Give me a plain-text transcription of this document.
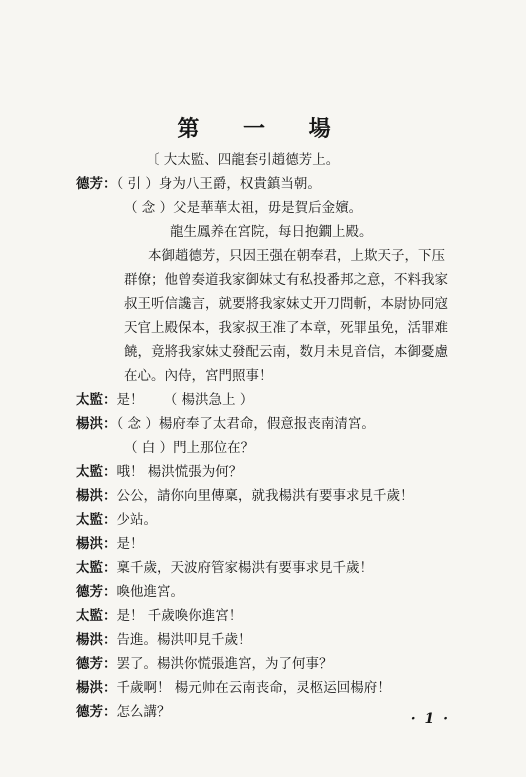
第 一 場
〔 大太監、四龍套引趙德芳上。
德芳：（ 引 ）身为八王爵，权貴鎮当朝。
（ 念 ）父是華華太祖，毋是賀后金嬪。
龍生鳳养在宮院，每日抱鐗上殿。
本御趙德芳，只因王强在朝奉君，上欺天子，下压
群僚；他曾奏道我家御妹丈有私投番邦之意，不料我家
叔王听信讒言，就要將我家妹丈开刀問斬，本尉协同寇
天官上殿保本，我家叔王准了本章，死罪虽免，活罪难
饒，竟將我家妹丈發配云南，数月未見音信，本御憂慮
在心。內侍，宮門照事！
太監：是！　　（ 楊洪急上 ）
楊洪：（ 念 ）楊府奉了太君命，假意报丧南清宮。
（ 白 ）門上那位在？
太監：哦！ 楊洪慌張为何？
楊洪：公公，請你向里傳稟，就我楊洪有要事求見千歲！
太監：少站。
楊洪：是！
太監：稟千歲，天波府管家楊洪有要事求見千歲！
德芳：喚他進宮。
太監：是！ 千歲喚你進宮！
楊洪：告進。楊洪叩見千歲！
德芳：罢了。楊洪你慌張進宮，为了何事？
楊洪：千歲啊！ 楊元帅在云南丧命，灵柩运回楊府！
德芳：怎么講？	· 1 ·
